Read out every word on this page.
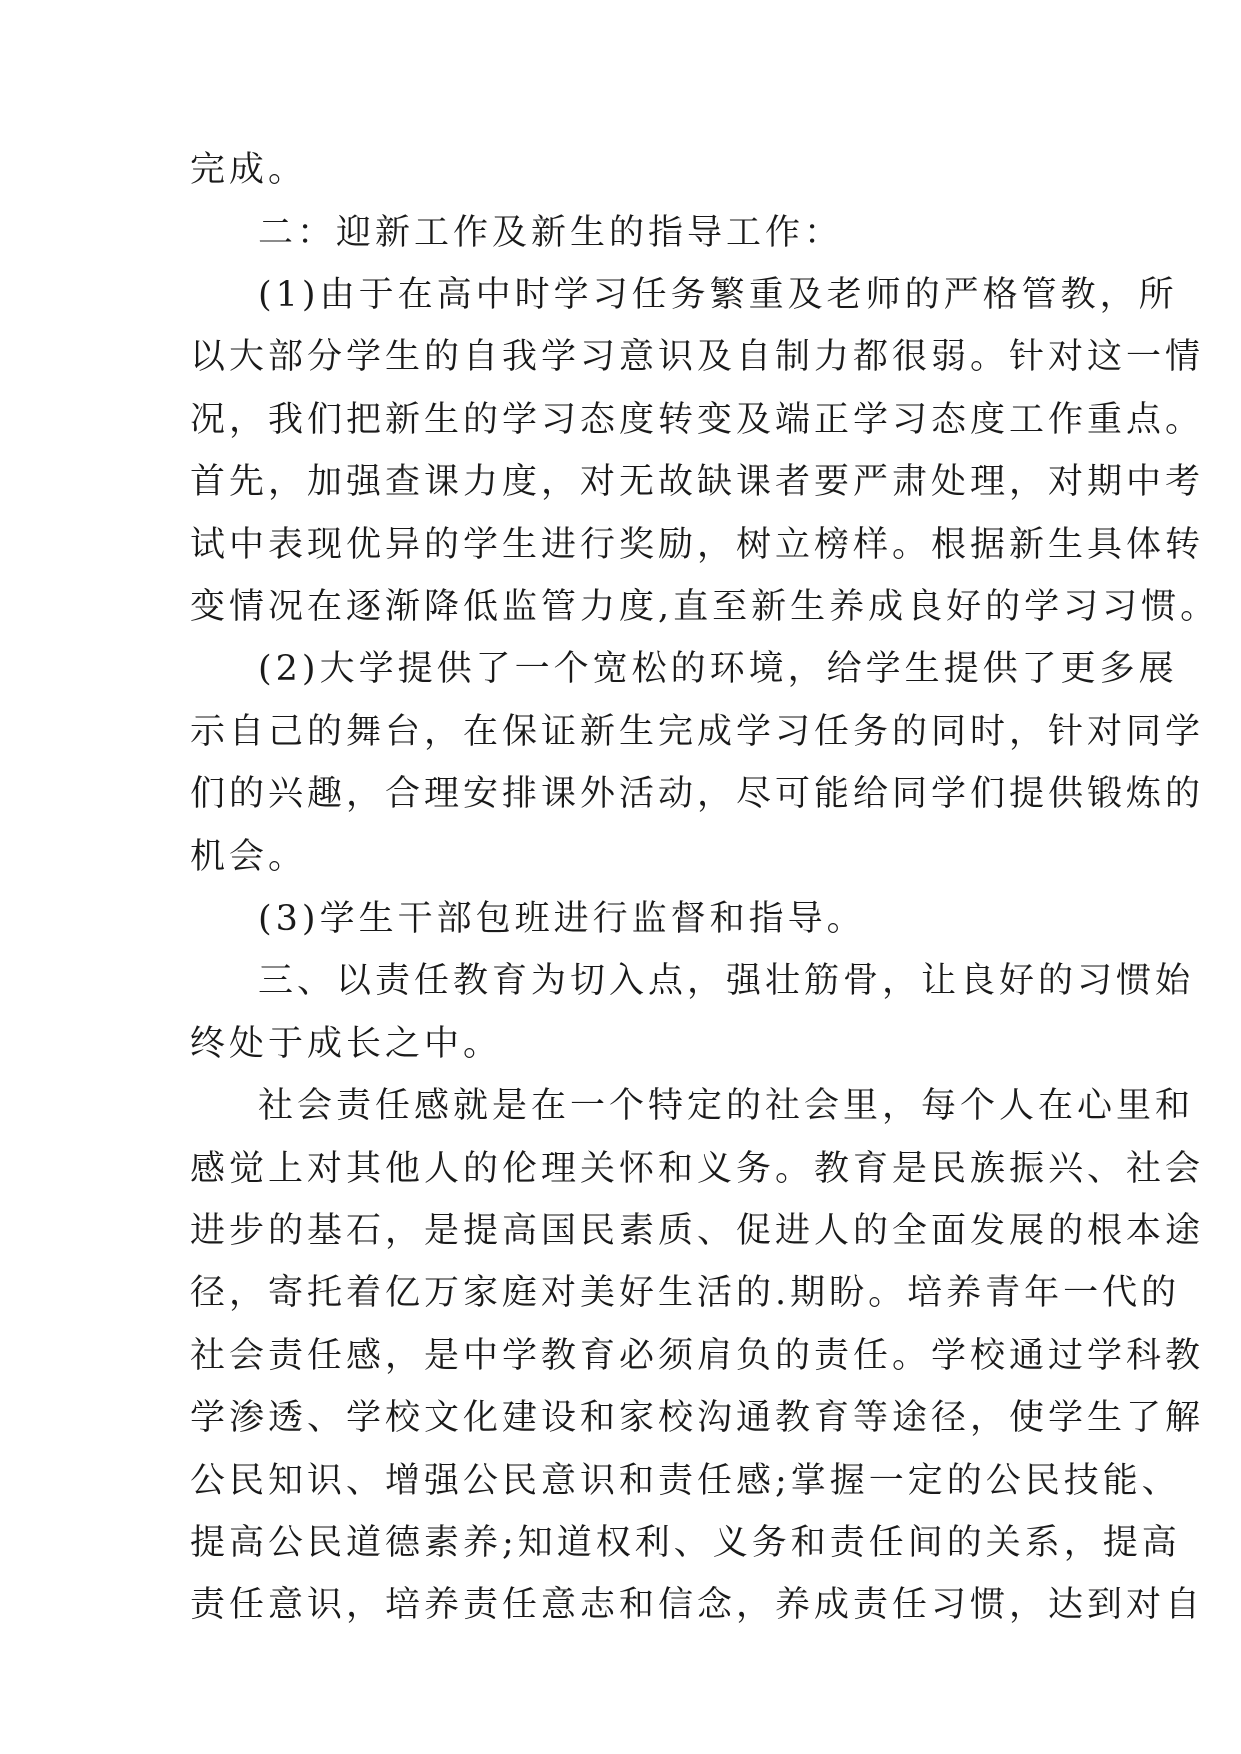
完成。
二：迎新工作及新生的指导工作：
(1)由于在高中时学习任务繁重及老师的严格管教，所
以大部分学生的自我学习意识及自制力都很弱。针对这一情
况，我们把新生的学习态度转变及端正学习态度工作重点。
首先，加强查课力度，对无故缺课者要严肃处理，对期中考
试中表现优异的学生进行奖励，树立榜样。根据新生具体转
变情况在逐渐降低监管力度,直至新生养成良好的学习习惯。
(2)大学提供了一个宽松的环境，给学生提供了更多展
示自己的舞台，在保证新生完成学习任务的同时，针对同学
们的兴趣，合理安排课外活动，尽可能给同学们提供锻炼的
机会。
(3)学生干部包班进行监督和指导。
三、以责任教育为切入点，强壮筋骨，让良好的习惯始
终处于成长之中。
社会责任感就是在一个特定的社会里，每个人在心里和
感觉上对其他人的伦理关怀和义务。教育是民族振兴、社会
进步的基石，是提高国民素质、促进人的全面发展的根本途
径，寄托着亿万家庭对美好生活的.期盼。培养青年一代的
社会责任感，是中学教育必须肩负的责任。学校通过学科教
学渗透、学校文化建设和家校沟通教育等途径，使学生了解
公民知识、增强公民意识和责任感;掌握一定的公民技能、
提高公民道德素养;知道权利、义务和责任间的关系，提高
责任意识，培养责任意志和信念，养成责任习惯，达到对自
